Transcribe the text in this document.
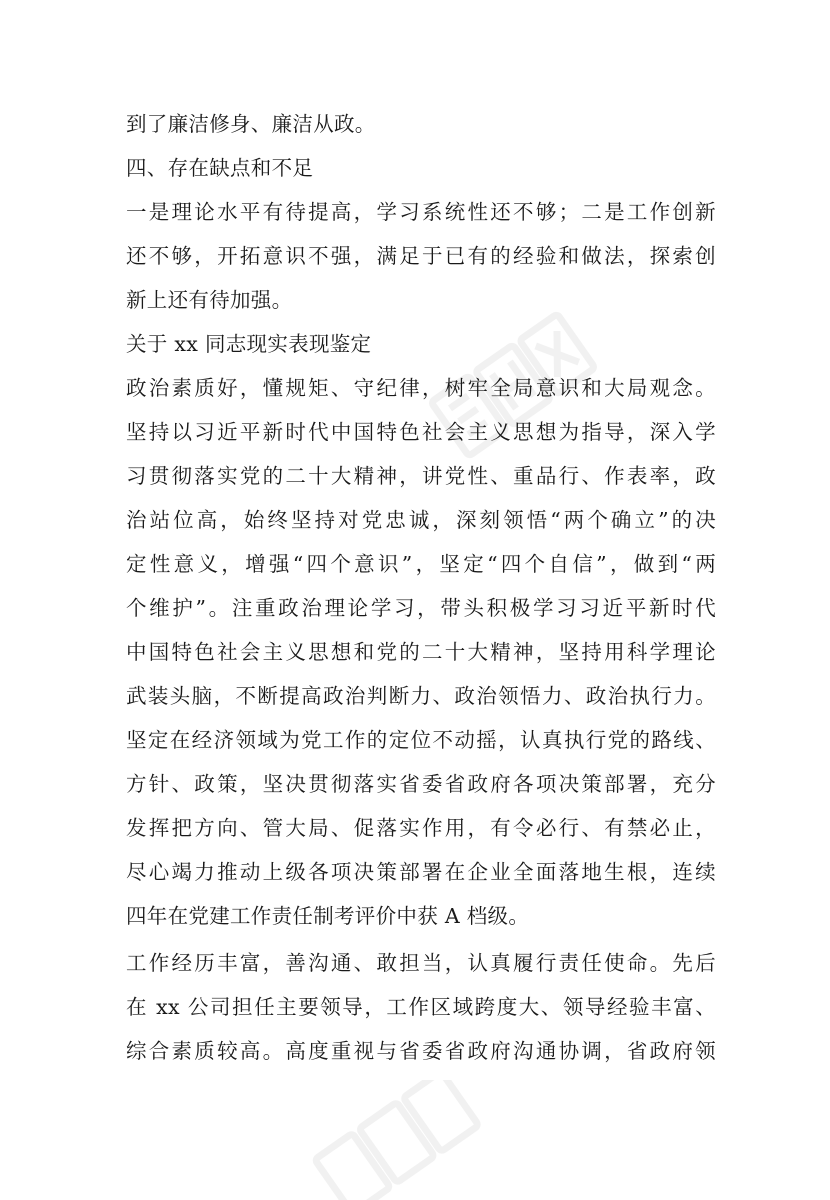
到了廉洁修身、廉洁从政。
四、存在缺点和不足
一是理论水平有待提高，学习系统性还不够；二是工作创新
还不够，开拓意识不强，满足于已有的经验和做法，探索创
新上还有待加强。
关于 xx 同志现实表现鉴定
政治素质好，懂规矩、守纪律，树牢全局意识和大局观念。
坚持以习近平新时代中国特色社会主义思想为指导，深入学
习贯彻落实党的二十大精神，讲党性、重品行、作表率，政
治站位高，始终坚持对党忠诚，深刻领悟“两个确立”的决
定性意义，增强“四个意识”，坚定“四个自信”，做到“两
个维护”。注重政治理论学习，带头积极学习习近平新时代
中国特色社会主义思想和党的二十大精神，坚持用科学理论
武装头脑，不断提高政治判断力、政治领悟力、政治执行力。
坚定在经济领域为党工作的定位不动摇，认真执行党的路线、
方针、政策，坚决贯彻落实省委省政府各项决策部署，充分
发挥把方向、管大局、促落实作用，有令必行、有禁必止，
尽心竭力推动上级各项决策部署在企业全面落地生根，连续
四年在党建工作责任制考评价中获 A 档级。
工作经历丰富，善沟通、敢担当，认真履行责任使命。先后
在 xx 公司担任主要领导，工作区域跨度大、领导经验丰富、
综合素质较高。高度重视与省委省政府沟通协调，省政府领
